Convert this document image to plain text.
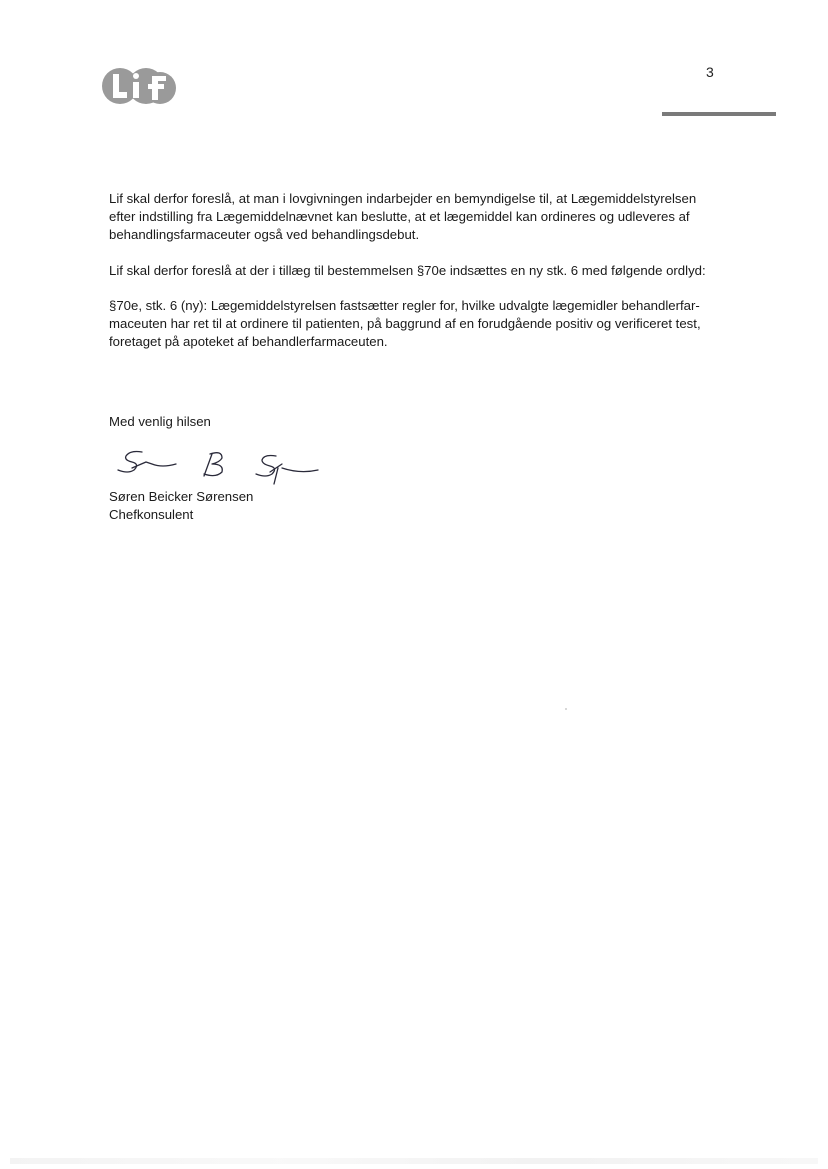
3

Lif skal derfor foreslå, at man i lovgivningen indarbejder en bemyndigelse til, at Lægemiddelstyrelsen efter indstilling fra Lægemiddelnævnet kan beslutte, at et lægemiddel kan ordineres og udleveres af behandlingsfarmaceuter også ved behandlingsdebut.

Lif skal derfor foreslå at der i tillæg til bestemmelsen §70e indsættes en ny stk. 6 med følgende ordlyd:

§70e, stk. 6 (ny): Lægemiddelstyrelsen fastsætter regler for, hvilke udvalgte lægemidler behandlerfar-maceuten har ret til at ordinere til patienten, på baggrund af en forudgående positiv og verificeret test, foretaget på apoteket af behandlerfarmaceuten.

Med venlig hilsen
Søren Beicker Sørensen
Chefkonsulent
